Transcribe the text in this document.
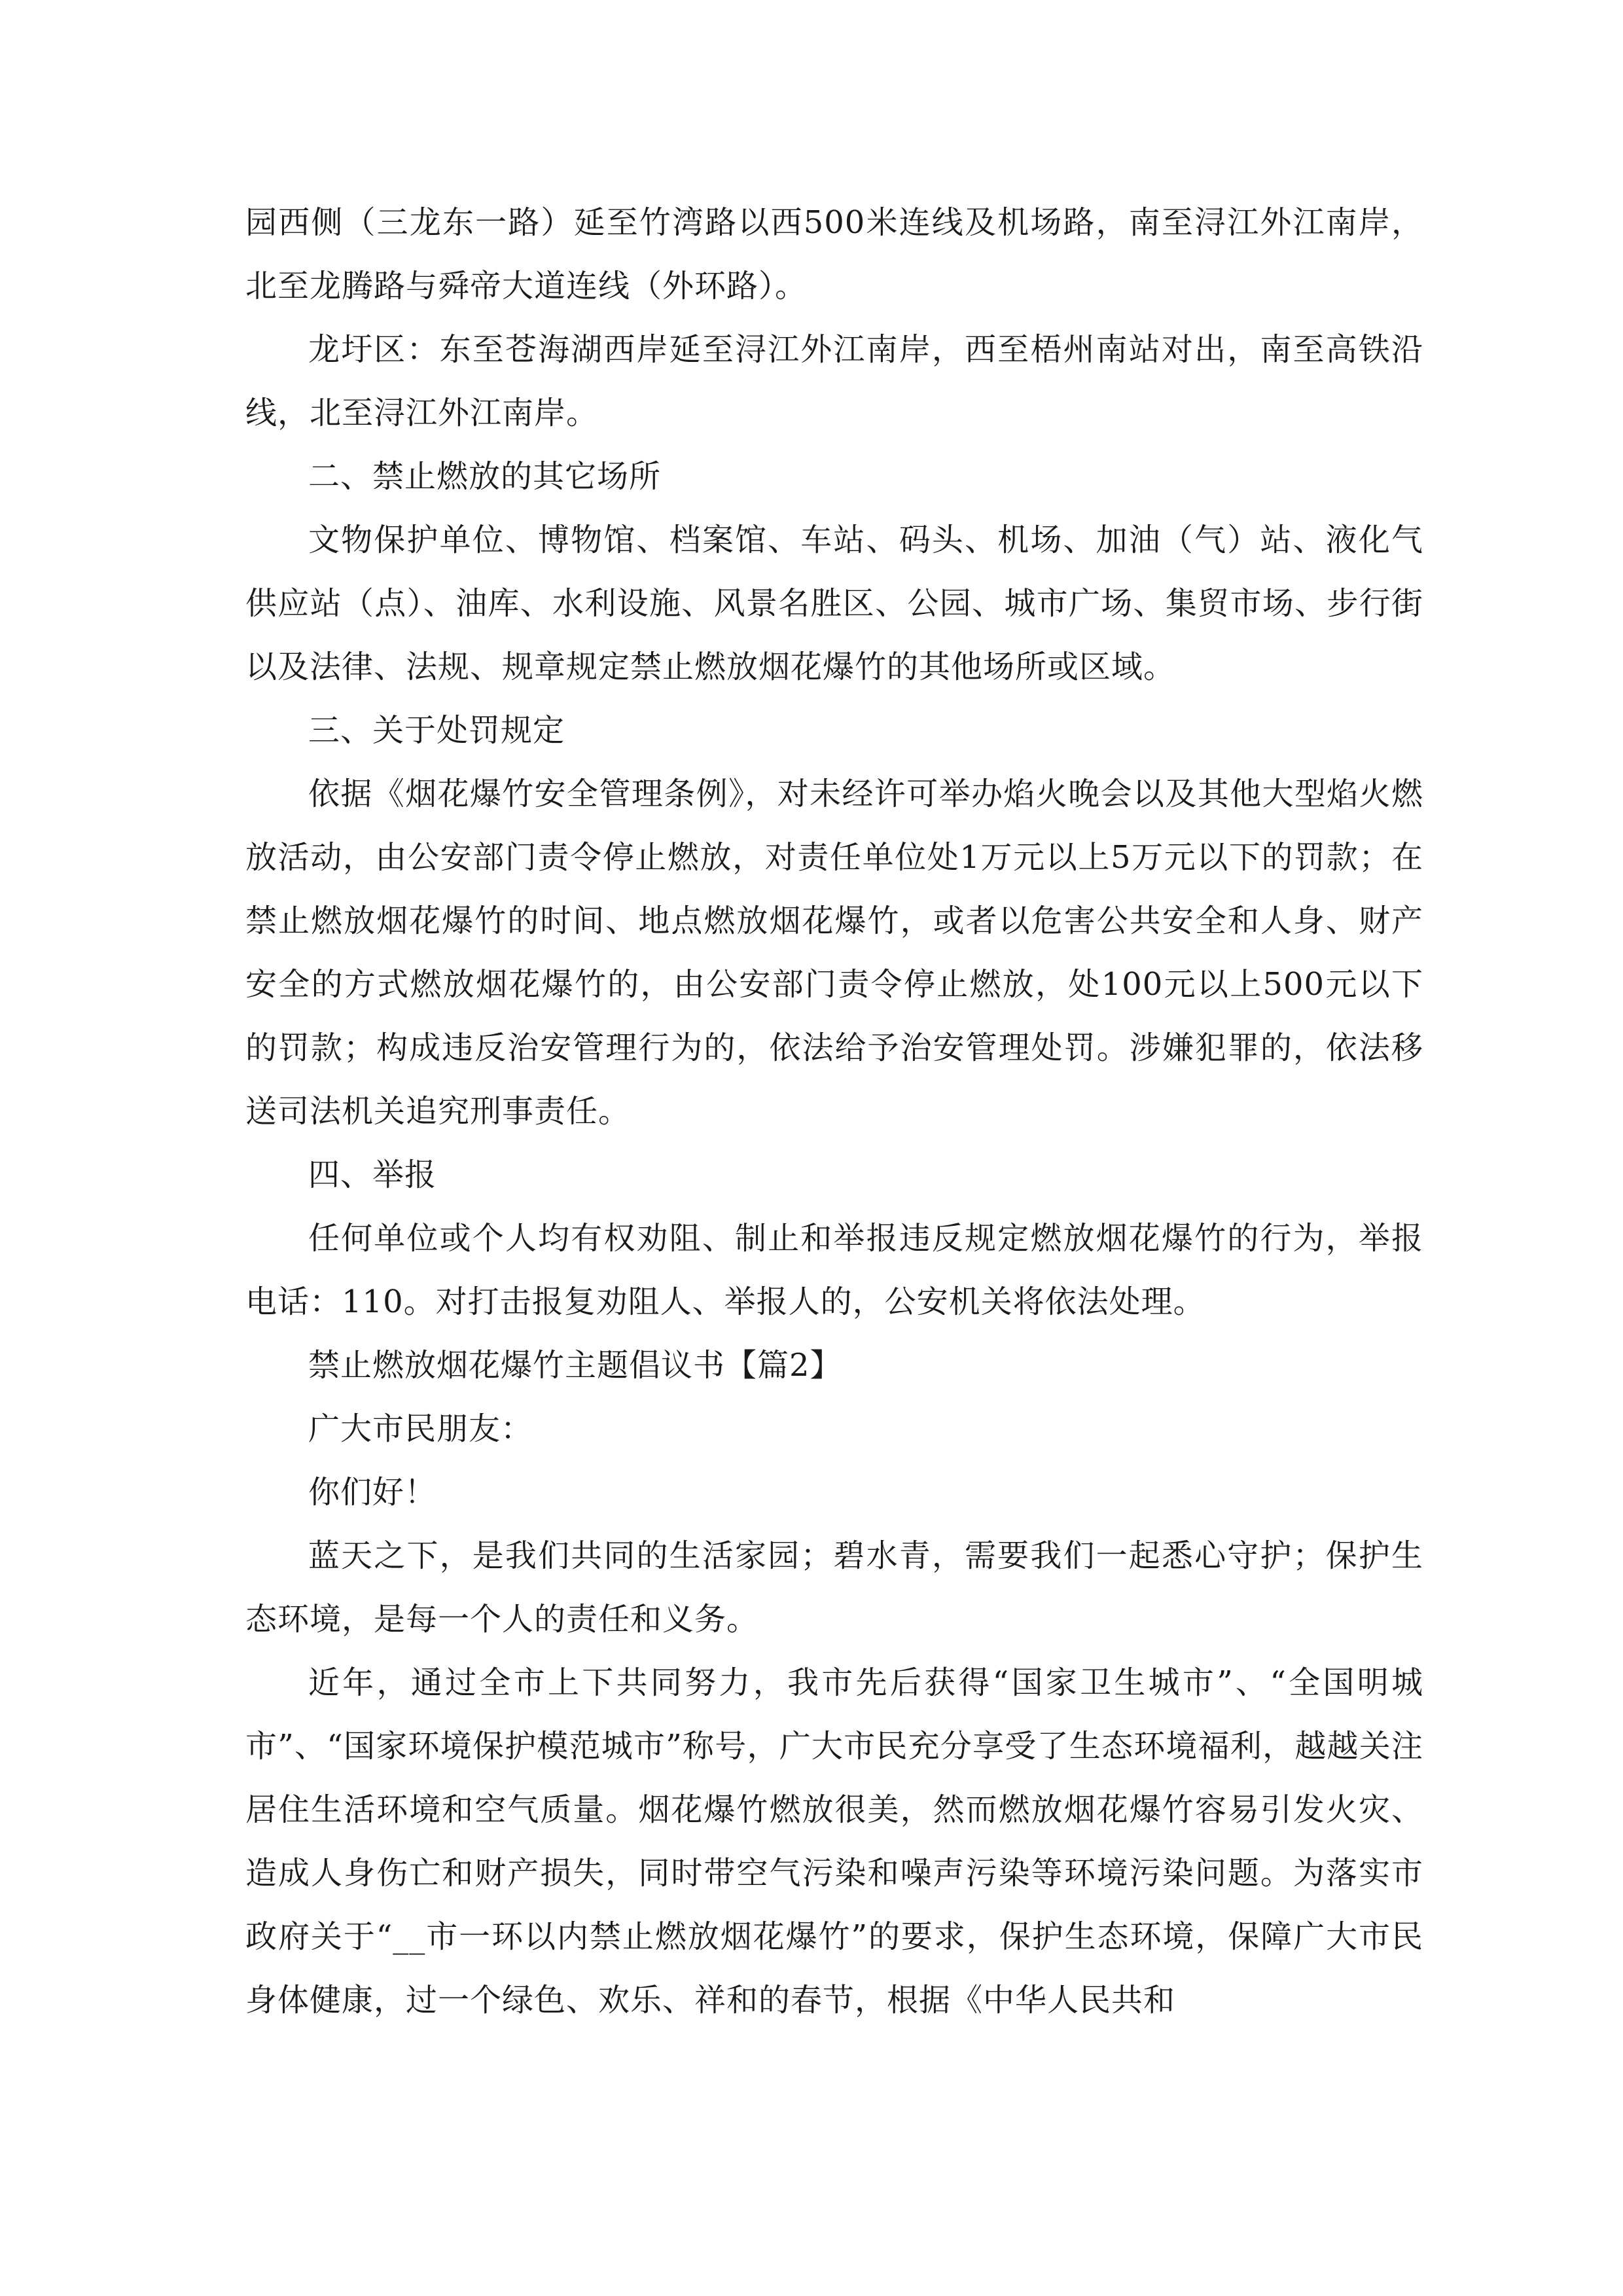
园西侧（三龙东一路）延至竹湾路以西500米连线及机场路，南至浔江外江南岸，北至龙腾路与舜帝大道连线（外环路）。

龙圩区：东至苍海湖西岸延至浔江外江南岸，西至梧州南站对出，南至高铁沿线，北至浔江外江南岸。

二、禁止燃放的其它场所

文物保护单位、博物馆、档案馆、车站、码头、机场、加油（气）站、液化气供应站（点）、油库、水利设施、风景名胜区、公园、城市广场、集贸市场、步行街以及法律、法规、规章规定禁止燃放烟花爆竹的其他场所或区域。

三、关于处罚规定

依据《烟花爆竹安全管理条例》，对未经许可举办焰火晚会以及其他大型焰火燃放活动，由公安部门责令停止燃放，对责任单位处1万元以上5万元以下的罚款；在禁止燃放烟花爆竹的时间、地点燃放烟花爆竹，或者以危害公共安全和人身、财产安全的方式燃放烟花爆竹的，由公安部门责令停止燃放，处100元以上500元以下的罚款；构成违反治安管理行为的，依法给予治安管理处罚。涉嫌犯罪的，依法移送司法机关追究刑事责任。

四、举报

任何单位或个人均有权劝阻、制止和举报违反规定燃放烟花爆竹的行为，举报电话：110。对打击报复劝阻人、举报人的，公安机关将依法处理。

禁止燃放烟花爆竹主题倡议书【篇2】

广大市民朋友：

你们好！

蓝天之下，是我们共同的生活家园；碧水青，需要我们一起悉心守护；保护生态环境，是每一个人的责任和义务。

近年，通过全市上下共同努力，我市先后获得“国家卫生城市”、“全国明城市”、“国家环境保护模范城市”称号，广大市民充分享受了生态环境福利，越越关注居住生活环境和空气质量。烟花爆竹燃放很美，然而燃放烟花爆竹容易引发火灾、造成人身伤亡和财产损失，同时带空气污染和噪声污染等环境污染问题。为落实市政府关于“__市一环以内禁止燃放烟花爆竹”的要求，保护生态环境，保障广大市民身体健康，过一个绿色、欢乐、祥和的春节，根据《中华人民共和
